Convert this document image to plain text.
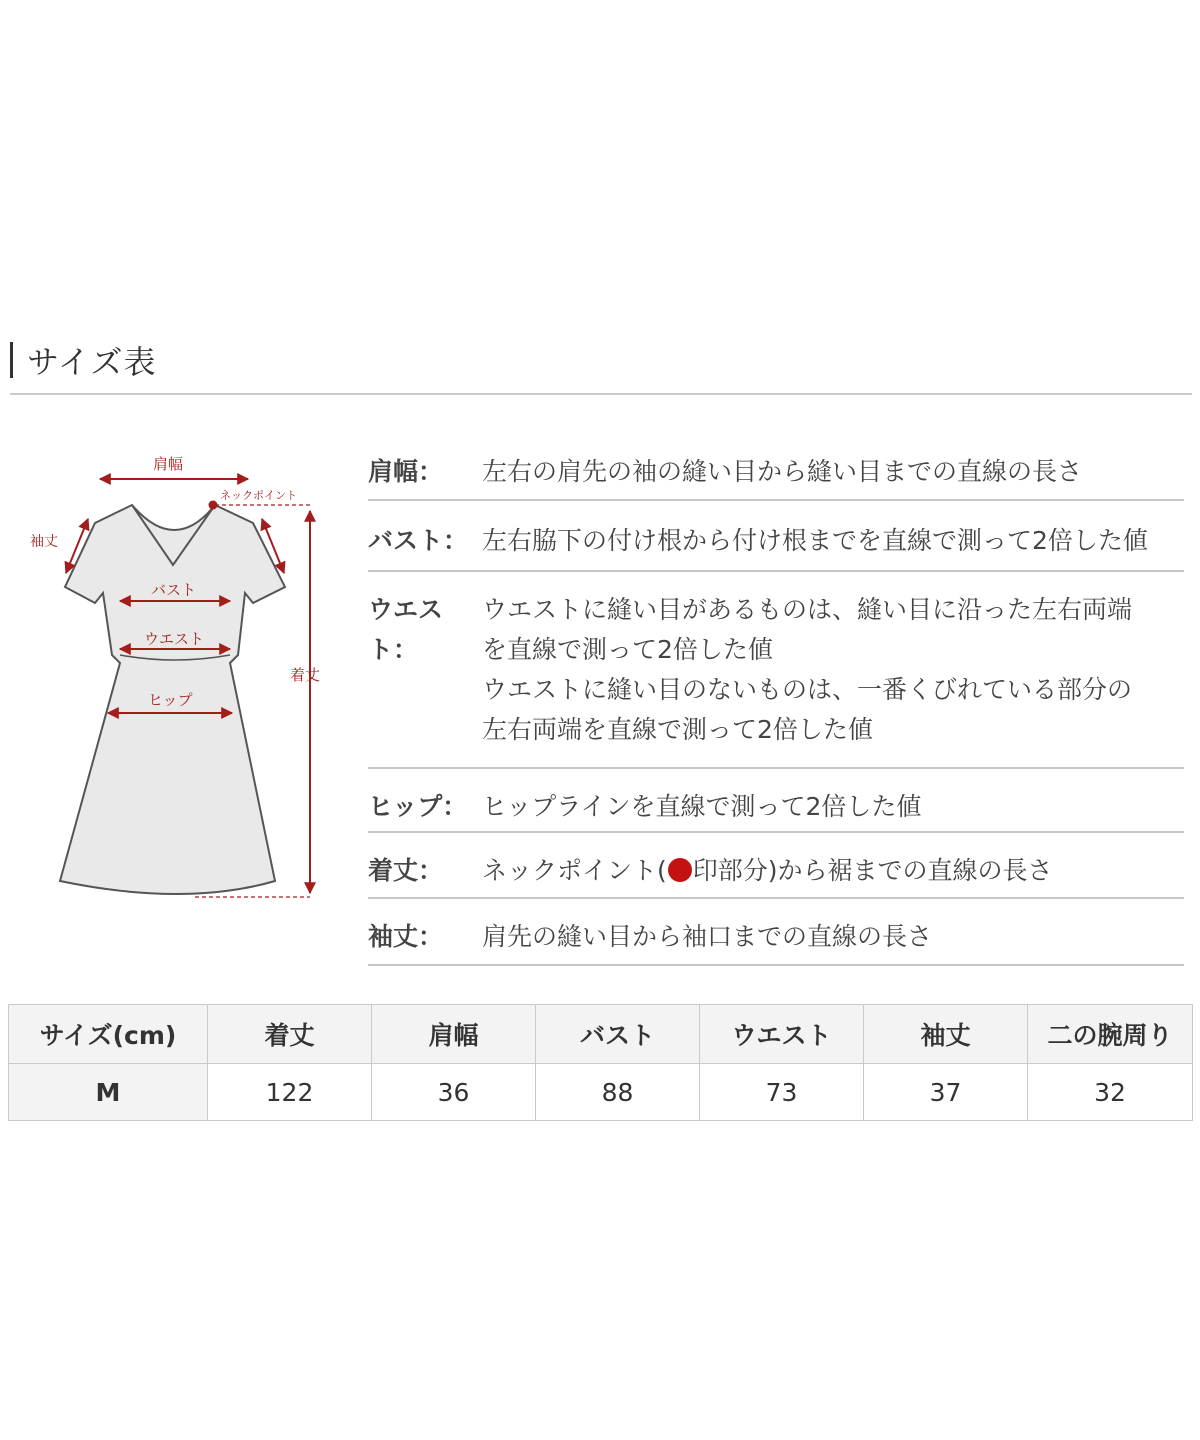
サイズ表
肩幅
ネックポイント
着丈
袖丈
バスト
ウエスト
ヒップ
肩幅：	左右の肩先の袖の縫い目から縫い目までの直線の長さ
バスト： 左右脇下の付け根から付け根までを直線で測って2倍した値
ウエスト：
ウエストに縫い目があるものは、縫い目に沿った左右両端
を直線で測って2倍した値
ウエストに縫い目のないものは、一番くびれている部分の
左右両端を直線で測って2倍した値
ヒップ： ヒップラインを直線で測って2倍した値
着丈：	ネックポイント( 印部分)から裾までの直線の長さ
袖丈：	肩先の縫い目から袖口までの直線の長さ
サイズ(cm)	着丈	肩幅	バスト	ウエスト	袖丈	二の腕周り
M	122	36	88	73	37	32
